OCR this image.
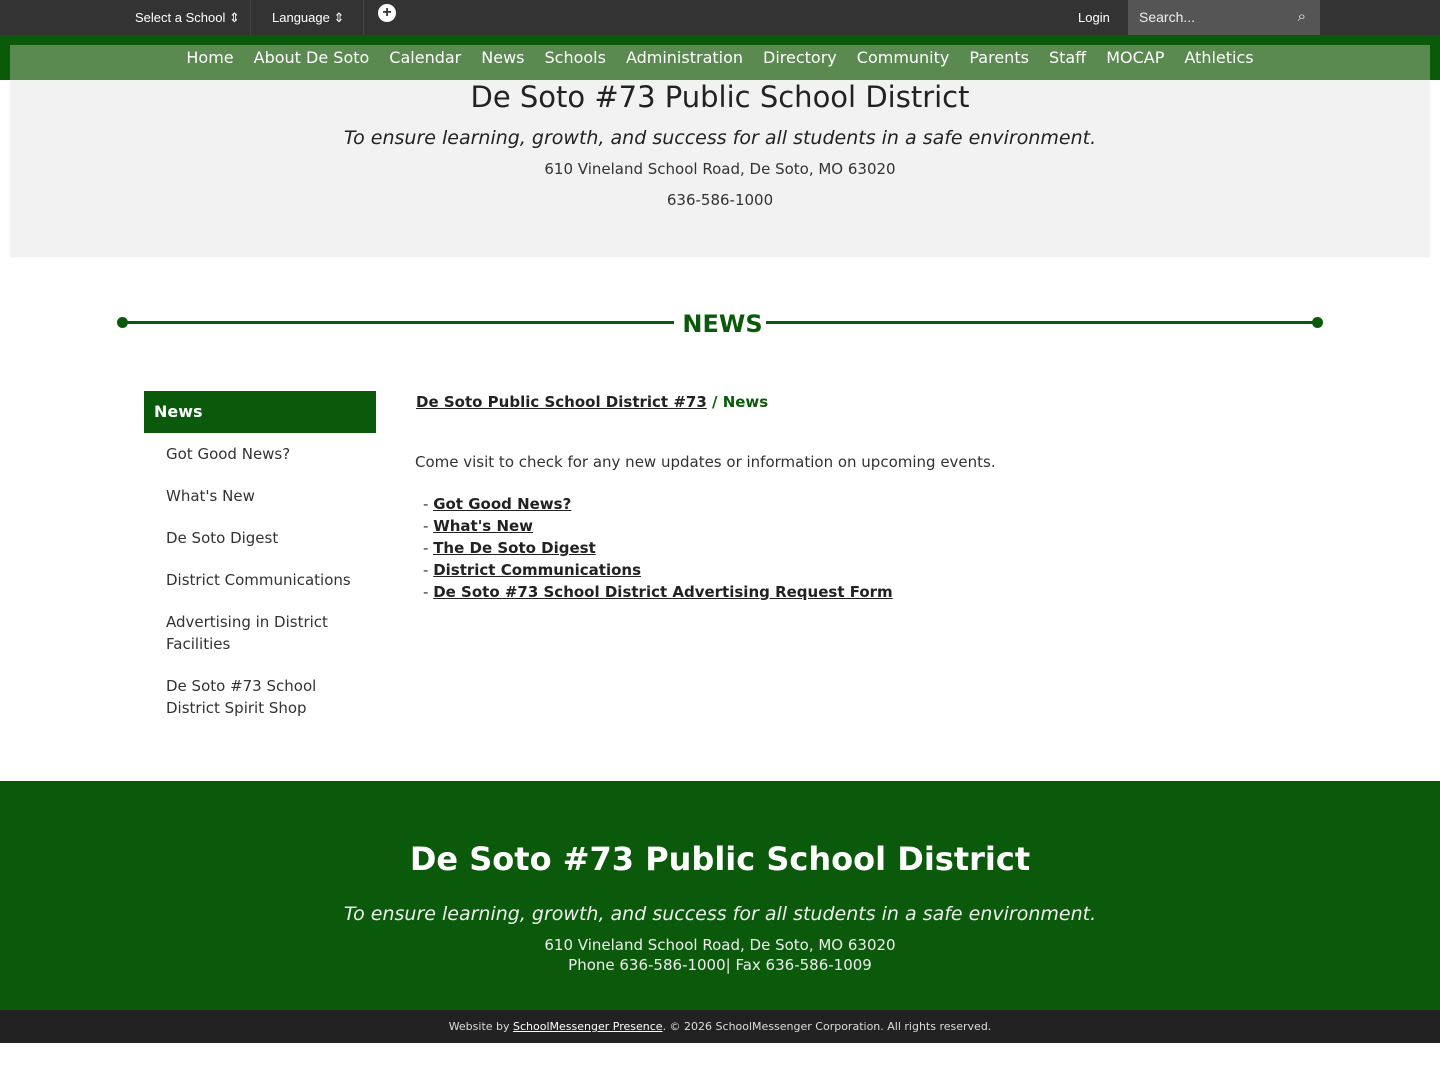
Select a School ⇕	Language ⇕	+	Login	Search...	⌕
Home About De Soto Calendar News Schools Administration Directory Community Parents Staff MOCAP Athletics
De Soto #73 Public School District
To ensure learning, growth, and success for all students in a safe environment.
610 Vineland School Road, De Soto, MO 63020
636-586-1000
NEWS
News
Got Good News?
What's New
De Soto Digest
District Communications
Advertising in District Facilities
De Soto #73 School District Spirit Shop
De Soto Public School District #73 / News
Come visit to check for any new updates or information on upcoming events.
- Got Good News?
- What's New
- The De Soto Digest
- District Communications
- De Soto #73 School District Advertising Request Form
De Soto #73 Public School District
To ensure learning, growth, and success for all students in a safe environment.
610 Vineland School Road, De Soto, MO 63020
Phone 636-586-1000| Fax 636-586-1009
Website by SchoolMessenger Presence. © 2026 SchoolMessenger Corporation. All rights reserved.
